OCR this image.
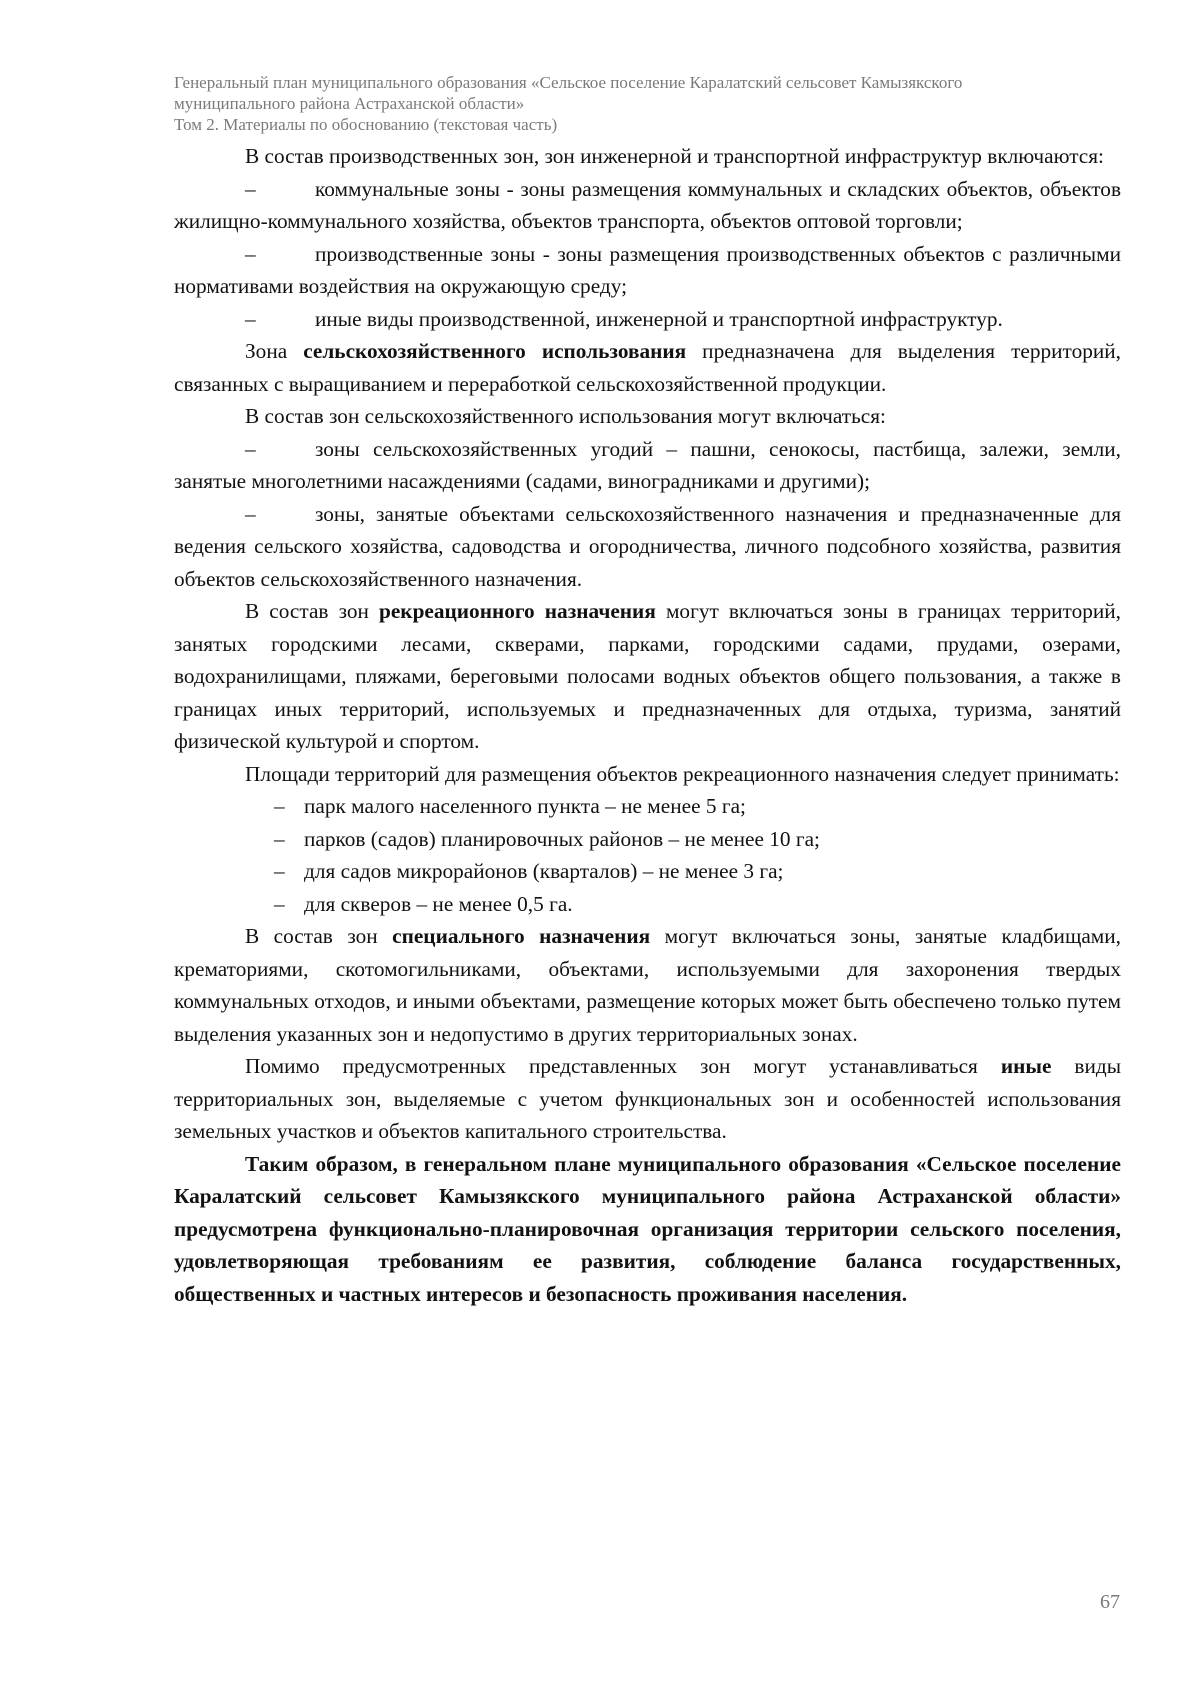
Генеральный план муниципального образования «Сельское поселение Каралатский сельсовет Камызякского
муниципального района Астраханской области»
Том 2. Материалы по обоснованию (текстовая часть)

В состав производственных зон, зон инженерной и транспортной инфраструктур включаются:

–	коммунальные зоны - зоны размещения коммунальных и складских объектов, объектов жилищно-коммунального хозяйства, объектов транспорта, объектов оптовой торговли;

–	производственные зоны - зоны размещения производственных объектов с различными нормативами воздействия на окружающую среду;

–	иные виды производственной, инженерной и транспортной инфраструктур.

Зона сельскохозяйственного использования предназначена для выделения территорий, связанных с выращиванием и переработкой сельскохозяйственной продукции.

В состав зон сельскохозяйственного использования могут включаться:

–	зоны сельскохозяйственных угодий – пашни, сенокосы, пастбища, залежи, земли, занятые многолетними насаждениями (садами, виноградниками и другими);

–	зоны, занятые объектами сельскохозяйственного назначения и предназначенные для ведения сельского хозяйства, садоводства и огородничества, личного подсобного хозяйства, развития объектов сельскохозяйственного назначения.

В состав зон рекреационного назначения могут включаться зоны в границах территорий, занятых городскими лесами, скверами, парками, городскими садами, прудами, озерами, водохранилищами, пляжами, береговыми полосами водных объектов общего пользования, а также в границах иных территорий, используемых и предназначенных для отдыха, туризма, занятий физической культурой и спортом.

Площади территорий для размещения объектов рекреационного назначения следует принимать:

– парк малого населенного пункта – не менее 5 га;

– парков (садов) планировочных районов – не менее 10 га;

– для садов микрорайонов (кварталов) – не менее 3 га;

– для скверов – не менее 0,5 га.

В состав зон специального назначения могут включаться зоны, занятые кладбищами, крематориями, скотомогильниками, объектами, используемыми для захоронения твердых коммунальных отходов, и иными объектами, размещение которых может быть обеспечено только путем выделения указанных зон и недопустимо в других территориальных зонах.

Помимо предусмотренных представленных зон могут устанавливаться иные виды территориальных зон, выделяемые с учетом функциональных зон и особенностей использования земельных участков и объектов капитального строительства.

Таким образом, в генеральном плане муниципального образования «Сельское поселение Каралатский сельсовет Камызякского муниципального района Астраханской области» предусмотрена функционально-планировочная организация территории сельского поселения, удовлетворяющая требованиям ее развития, соблюдение баланса государственных, общественных и частных интересов и безопасность проживания населения.

67
